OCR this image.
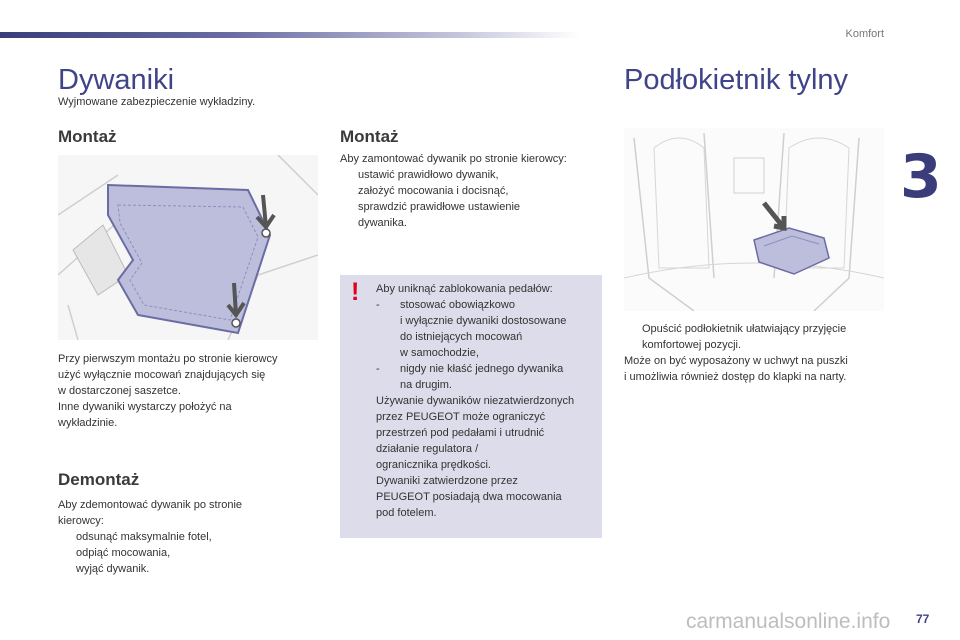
Komfort
3
Dywaniki
Wyjmowane zabezpieczenie wykładziny.
Montaż
Przy pierwszym montażu po stronie kierowcy
użyć wyłącznie mocowań znajdujących się
w dostarczonej saszetce.
Inne dywaniki wystarczy położyć na
wykładzinie.
Demontaż
Aby zdemontować dywanik po stronie
kierowcy:
odsunąć maksymalnie fotel,
odpiąć mocowania,
wyjąć dywanik.
Montaż
Aby zamontować dywanik po stronie kierowcy:
ustawić prawidłowo dywanik,
założyć mocowania i docisnąć,
sprawdzić prawidłowe ustawienie
dywanika.
! Aby uniknąć zablokowania pedałów:
-	stosować obowiązkowo
i wyłącznie dywaniki dostosowane
do istniejących mocowań
w samochodzie,
-	nigdy nie kłaść jednego dywanika
na drugim.
Używanie dywaników niezatwierdzonych
przez PEUGEOT może ograniczyć
przestrzeń pod pedałami i utrudnić
działanie regulatora /
ogranicznika prędkości.
Dywaniki zatwierdzone przez
PEUGEOT posiadają dwa mocowania
pod fotelem.
Podłokietnik tylny
Opuścić podłokietnik ułatwiający przyjęcie
komfortowej pozycji.
Może on być wyposażony w uchwyt na puszki
i umożliwia również dostęp do klapki na narty.
77
carmanualsonline.info
